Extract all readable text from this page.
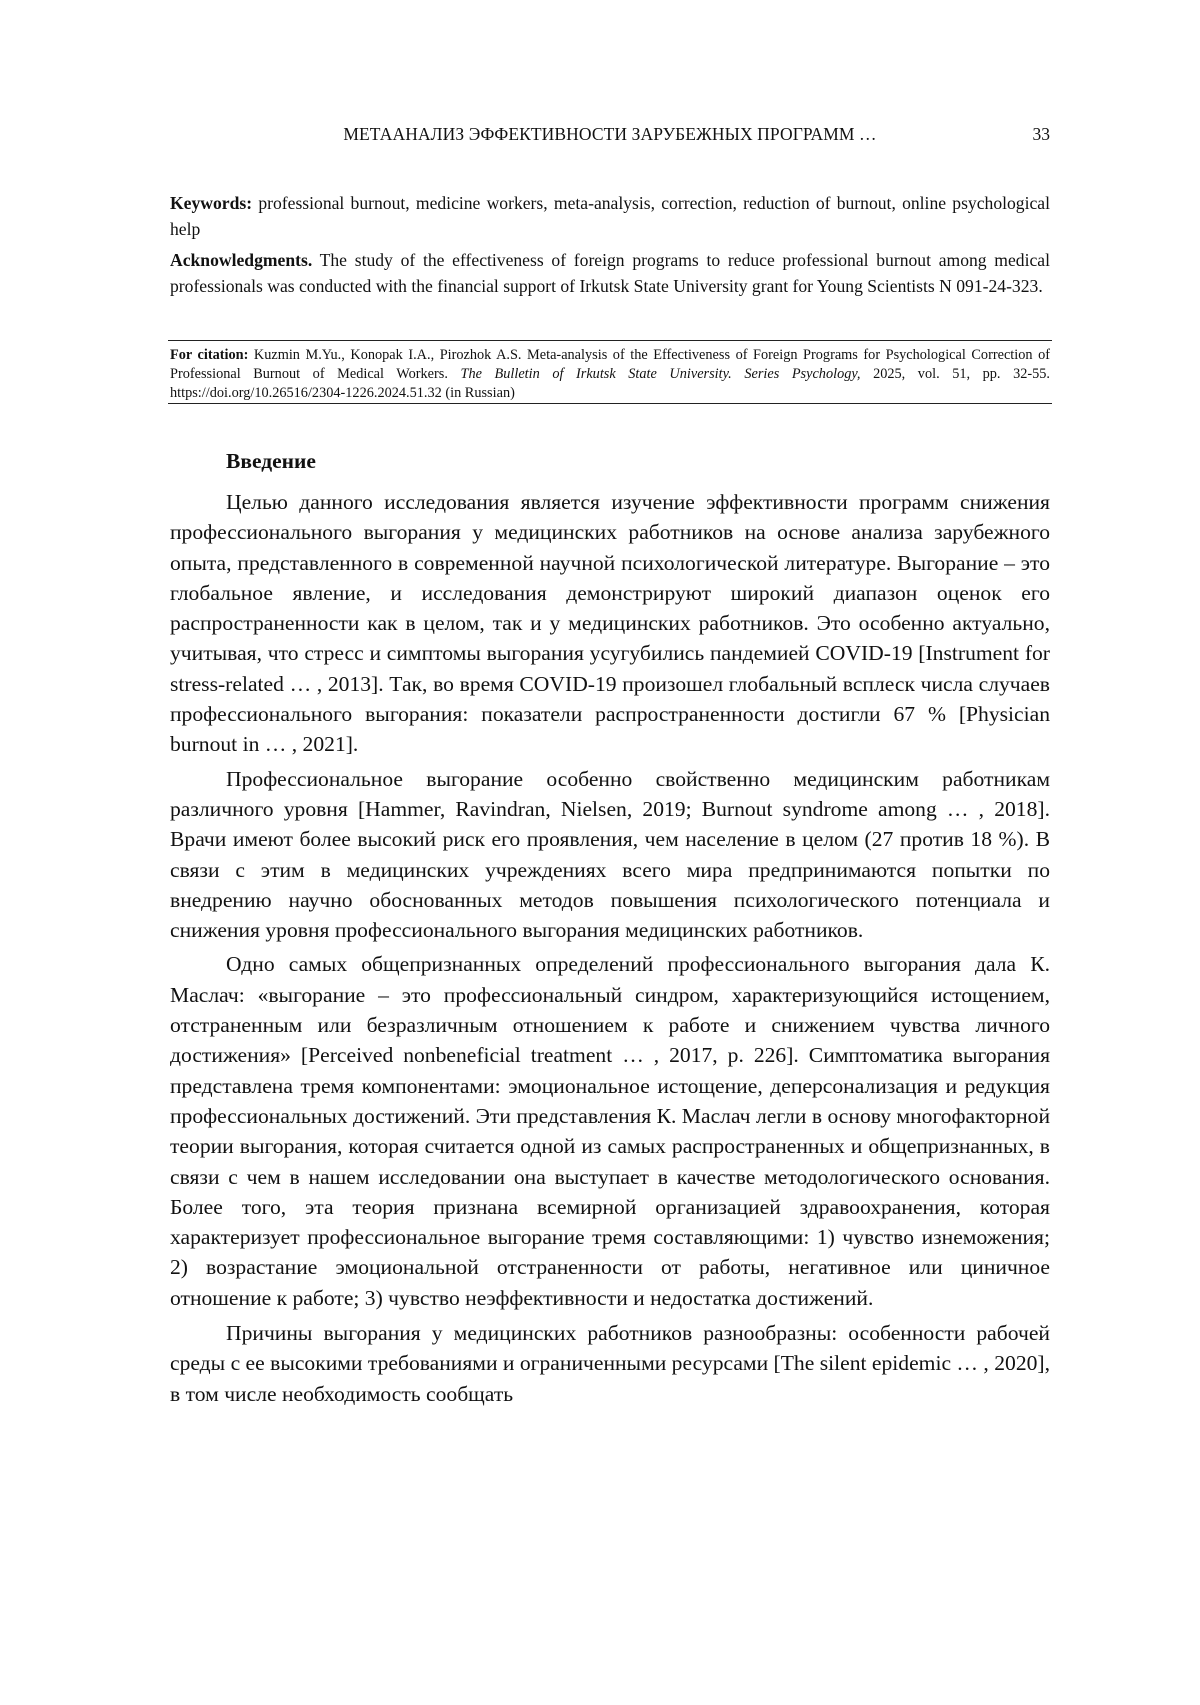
МЕТААНАЛИЗ ЭФФЕКТИВНОСТИ ЗАРУБЕЖНЫХ ПРОГРАММ …	33
Keywords: professional burnout, medicine workers, meta-analysis, correction, reduction of burnout, online psychological help
Acknowledgments. The study of the effectiveness of foreign programs to reduce professional burnout among medical professionals was conducted with the financial support of Irkutsk State University grant for Young Scientists N 091-24-323.
For citation: Kuzmin M.Yu., Konopak I.A., Pirozhok A.S. Meta-analysis of the Effectiveness of Foreign Programs for Psychological Correction of Professional Burnout of Medical Workers. The Bulletin of Irkutsk State University. Series Psychology, 2025, vol. 51, pp. 32-55. https://doi.org/10.26516/2304-1226.2024.51.32 (in Russian)
Введение

Целью данного исследования является изучение эффективности программ снижения профессионального выгорания у медицинских работников на основе анализа зарубежного опыта, представленного в современной научной психологической литературе. Выгорание – это глобальное явление, и исследования демонстрируют широкий диапазон оценок его распространенности как в целом, так и у медицинских работников. Это особенно актуально, учитывая, что стресс и симптомы выгорания усугубились пандемией COVID-19 [Instrument for stress-related … , 2013]. Так, во время COVID-19 произошел глобальный всплеск числа случаев профессионального выгорания: показатели распространенности достигли 67 % [Physician burnout in … , 2021].

Профессиональное выгорание особенно свойственно медицинским работникам различного уровня [Hammer, Ravindran, Nielsen, 2019; Burnout syndrome among … , 2018]. Врачи имеют более высокий риск его проявления, чем население в целом (27 против 18 %). В связи с этим в медицинских учреждениях всего мира предпринимаются попытки по внедрению научно обоснованных методов повышения психологического потенциала и снижения уровня профессионального выгорания медицинских работников.

Одно самых общепризнанных определений профессионального выгорания дала К. Маслач: «выгорание – это профессиональный синдром, характеризующийся истощением, отстраненным или безразличным отношением к работе и снижением чувства личного достижения» [Perceived nonbeneficial treatment … , 2017, p. 226]. Симптоматика выгорания представлена тремя компонентами: эмоциональное истощение, деперсонализация и редукция профессиональных достижений. Эти представления К. Маслач легли в основу многофакторной теории выгорания, которая считается одной из самых распространенных и общепризнанных, в связи с чем в нашем исследовании она выступает в качестве методологического основания. Более того, эта теория признана всемирной организацией здравоохранения, которая характеризует профессиональное выгорание тремя составляющими: 1) чувство изнеможения; 2) возрастание эмоциональной отстраненности от работы, негативное или циничное отношение к работе; 3) чувство неэффективности и недостатка достижений.

Причины выгорания у медицинских работников разнообразны: особенности рабочей среды с ее высокими требованиями и ограниченными ресурсами [The silent epidemic … , 2020], в том числе необходимость сообщать
